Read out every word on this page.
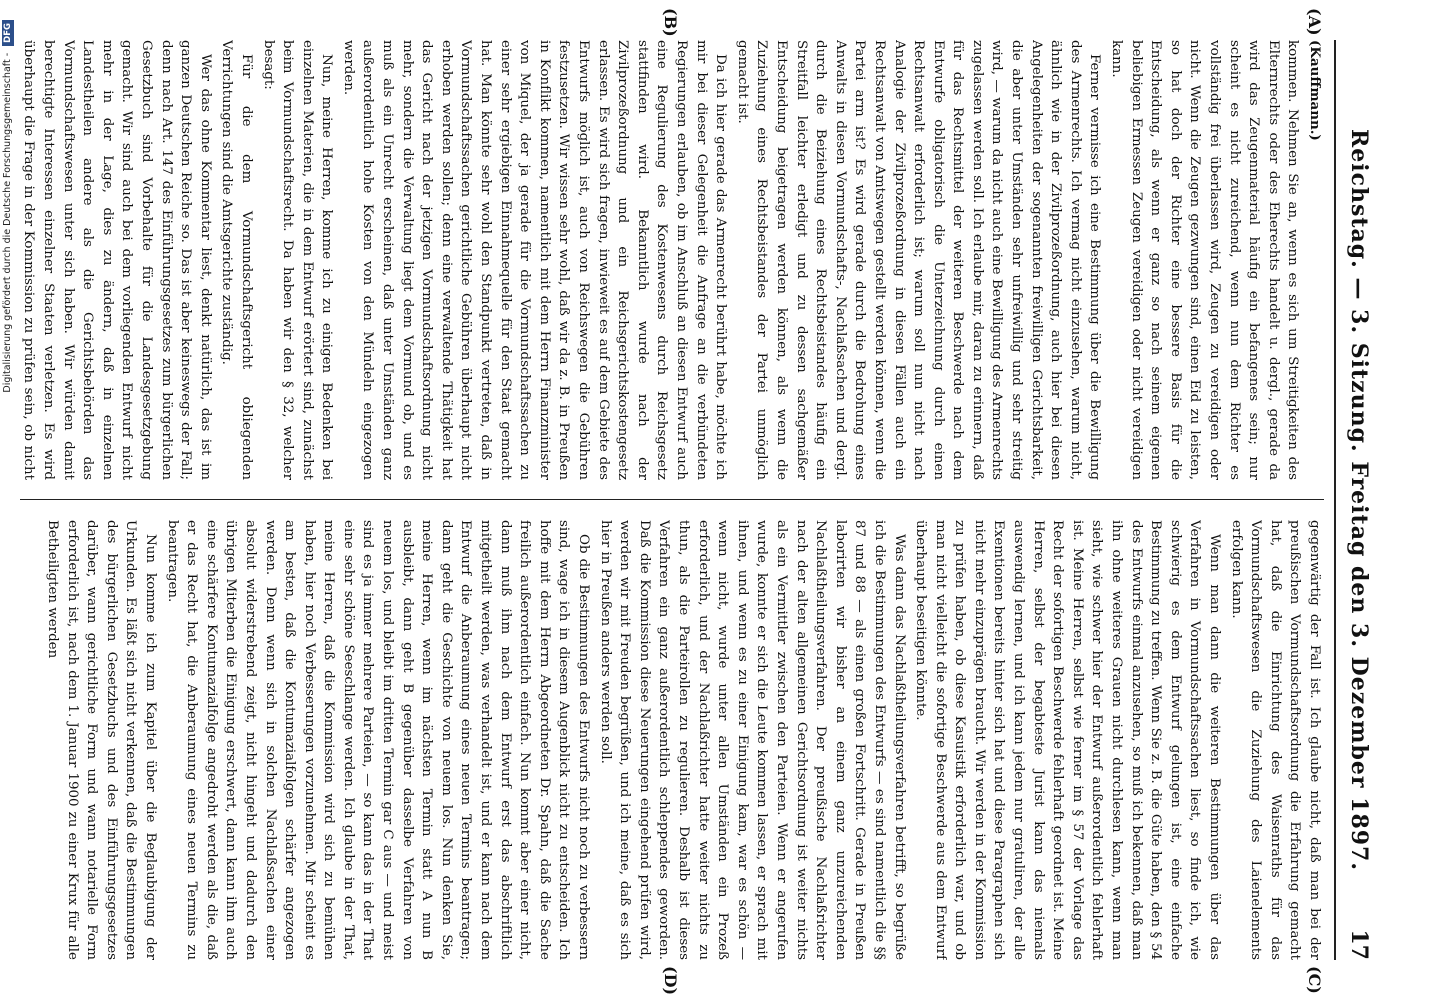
Reichstag. — 3. Sitzung. Freitag den 3. Dezember 1897.
17
(A)
(B)
(C)
(D)
(Kauffmann.)

kommen. Nehmen Sie an, wenn es sich um Streitigkeiten des Elternrechts oder des Eherechts handelt u. dergl., gerade da wird das Zeugenmaterial häufig ein befangenes sein; nur scheint es nicht zureichend, wenn nun dem Richter es vollständig frei überlassen wird, Zeugen zu vereidigen oder nicht. Wenn die Zeugen gezwungen sind, einen Eid zu leisten, so hat doch der Richter eine bessere Basis für die Entscheidung, als wenn er ganz so nach seinem eigenen beliebigen Ermessen Zeugen vereidigen oder nicht vereidigen kann.

Ferner vermisse ich eine Bestimmung über die Bewilligung des Armenrechts. Ich vermag nicht einzusehen, warum nicht, ähnlich wie in der Zivilprozeßordnung, auch hier bei diesen Angelegenheiten der sogenannten freiwilligen Gerichtsbarkeit, die aber unter Umständen sehr unfreiwillig und sehr streitig wird, — warum da nicht auch eine Bewilligung des Armenrechts zugelassen werden soll. Ich erlaube mir, daran zu erinnern, daß für das Rechtsmittel der weiteren Beschwerde nach dem Entwurfe obligatorisch die Unterzeichnung durch einen Rechtsanwalt erforderlich ist; warum soll nun nicht nach Analogie der Zivilprozeßordnung in diesen Fällen auch ein Rechtsanwalt von Amtswegen gestellt werden können, wenn die Partei arm ist? Es wird gerade durch die Bedrohung eines Anwalts in diesen Vormundschafts-, Nachlaßsachen und dergl. durch die Beiziehung eines Rechtsbeistandes häufig ein Streitfall leichter erledigt und zu dessen sachgemäßer Entscheidung beigetragen werden können, als wenn die Zuziehung eines Rechtsbeistandes der Partei unmöglich gemacht ist.

Da ich hier gerade das Armenrecht berührt habe, möchte ich mir bei dieser Gelegenheit die Anfrage an die verbündeten Regierungen erlauben, ob im Anschluß an diesen Entwurf auch eine Regulierung des Kostenwesens durch Reichsgesetz stattfinden wird. Bekanntlich wurde nach der Zivilprozeßordnung und ein Reichsgerichtskostengesetz erlassen. Es wird sich fragen, inwieweit es auf dem Gebiete des Entwurfs möglich ist, auch von Reichswegen die Gebühren festzusetzen. Wir wissen sehr wohl, daß wir da z. B. in Preußen in Konflikt kommen, namentlich mit dem Herrn Finanzminister von Miquel, der ja gerade für die Vormundschaftssachen zu einer sehr ergiebigen Einnahmequelle für den Staat gemacht hat. Man könnte sehr wohl den Standpunkt vertreten, daß in Vormundschaftssachen gerichtliche Gebühren überhaupt nicht erhoben werden sollen; denn eine verwaltende Thätigkeit hat das Gericht nach der jetzigen Vormundschaftsordnung nicht mehr, sondern die Verwaltung liegt dem Vormund ob, und es muß als ein Unrecht erscheinen, daß unter Umständen ganz außerordentlich hohe Kosten von den Mündeln eingezogen werden.

Nun, meine Herren, komme ich zu einigen Bedenken bei einzelnen Materien, die in dem Entwurf erörtert sind, zunächst beim Vormundschaftsrecht. Da haben wir den § 32, welcher besagt:

Für die dem Vormundschaftsgericht obliegenden Verrichtungen sind die Amtsgerichte zuständig.

Wer das ohne Kommentar liest, denkt natürlich, das ist im ganzen Deutschen Reiche so. Das ist aber keineswegs der Fall; denn nach Art. 147 des Einführungsgesetzes zum bürgerlichen Gesetzbuch sind Vorbehalte für die Landesgesetzgebung gemacht. Wir sind auch bei dem vorliegenden Entwurf nicht mehr in der Lage, dies zu ändern, daß in einzelnen Landestheilen andere als die Gerichtsbehörden das Vormundschaftswesen unter sich haben. Wir würden damit berechtigte Interessen einzelner Staaten verletzen. Es wird überhaupt die Frage in der Kommission zu prüfen sein, ob nicht

gegenwärtig der Fall ist. Ich glaube nicht, daß man bei der preußischen Vormundschaftsordnung die Erfahrung gemacht hat, daß die Einrichtung des Waisenraths für das Vormundschaftswesen die Zuziehung des Laienelements erfolgen kann.

Wenn man dann die weiteren Bestimmungen über das Verfahren in Vormundschaftssachen liest, so finde ich, wie schwierig es dem Entwurf gelungen ist, eine einfache Bestimmung zu treffen. Wenn Sie z. B. die Güte haben, den § 54 des Entwurfs einmal anzusehen, so muß ich bekennen, daß man ihn ohne weiteres Grauen nicht durchlesen kann, wenn man sieht, wie schwer hier der Entwurf außerordentlich fehlerhaft ist. Meine Herren, selbst wie ferner im § 57 der Vorlage das Recht der sofortigen Beschwerde fehlerhaft geordnet ist. Meine Herren, selbst der begabteste Jurist kann das niemals auswendig lernen, und ich kann jedem nur gratuliren, der alle Exemtionen bereits hinter sich hat und diese Paragraphen sich nicht mehr einzuprägen braucht. Wir werden in der Kommission zu prüfen haben, ob diese Kasuistik erforderlich war, und ob man nicht vielleicht die sofortige Beschwerde aus dem Entwurf überhaupt beseitigen könnte.

Was dann das Nachlaßtheilungsverfahren betrifft, so begrüße ich die Bestimmungen des Entwurfs — es sind namentlich die §§ 87 und 88 — als einen großen Fortschritt. Gerade in Preußen laborirten wir bisher an einem ganz unzureichenden Nachlaßtheilungsverfahren. Der preußische Nachlaßrichter nach der alten allgemeinen Gerichtsordnung ist weiter nichts als ein Vermittler zwischen den Parteien. Wenn er angerufen wurde, konnte er sich die Leute kommen lassen, er sprach mit ihnen, und wenn es zu einer Einigung kam, war es schön — wenn nicht, wurde unter allen Umständen ein Prozeß erforderlich, und der Nachlaßrichter hatte weiter nichts zu thun, als die Parteirollen zu regulieren. Deshalb ist dieses Verfahren ein ganz außerordentlich schleppendes geworden. Daß die Kommission diese Neuerungen eingehend prüfen wird, werden wir mit Freuden begrüßen, und ich meine, daß es sich hier in Preußen anders werden soll.

Ob die Bestimmungen des Entwurfs nicht noch zu verbessern sind, wage ich in diesem Augenblick nicht zu entscheiden. Ich hoffe mit dem Herrn Abgeordneten Dr. Spahn, daß die Sache freilich außerordentlich einfach. Nun kommt aber einer nicht, dann muß ihm nach dem Entwurf erst das abschriftlich mitgetheilt werden, was verhandelt ist, und er kann nach dem Entwurf die Anberaumung eines neuen Termins beantragen; dann geht die Geschichte von neuem los. Nun denken Sie, meine Herren, wenn im nächsten Termin statt A nun B ausbleibt, dann geht B gegenüber dasselbe Verfahren von neuem los, und bleibt im dritten Termin gar C aus — und meist sind es ja immer mehrere Parteien, — so kann das in der That eine sehr schöne Seeschlange werden. Ich glaube in der That, meine Herren, daß die Kommission wird sich zu bemühen haben, hier noch Verbesserungen vorzunehmen. Mir scheint es am besten, daß die Kontumazialfolgen schärfer angezogen werden. Denn wenn sich in solchen Nachlaßsachen einer absolut widerstrebend zeigt, nicht hingeht und dadurch den übrigen Miterben die Einigung erschwert, dann kann ihm auch eine schärfere Kontumazialfolge angedroht werden als die, daß er das Recht hat, die Anberaumung eines neuen Termins zu beantragen.

Nun komme ich zum Kapitel über die Beglaubigung der Urkunden. Es läßt sich nicht verkennen, daß die Bestimmungen des bürgerlichen Gesetzbuchs und des Einführungsgesetzes darüber, wann gerichtliche Form und wann notarielle Form erforderlich ist, nach dem 1. Januar 1900 zu einer Krux für alle Betheiligten werden

Digitalisierung gefördert durch die Deutsche Forschungsgemeinschaft - DFG
